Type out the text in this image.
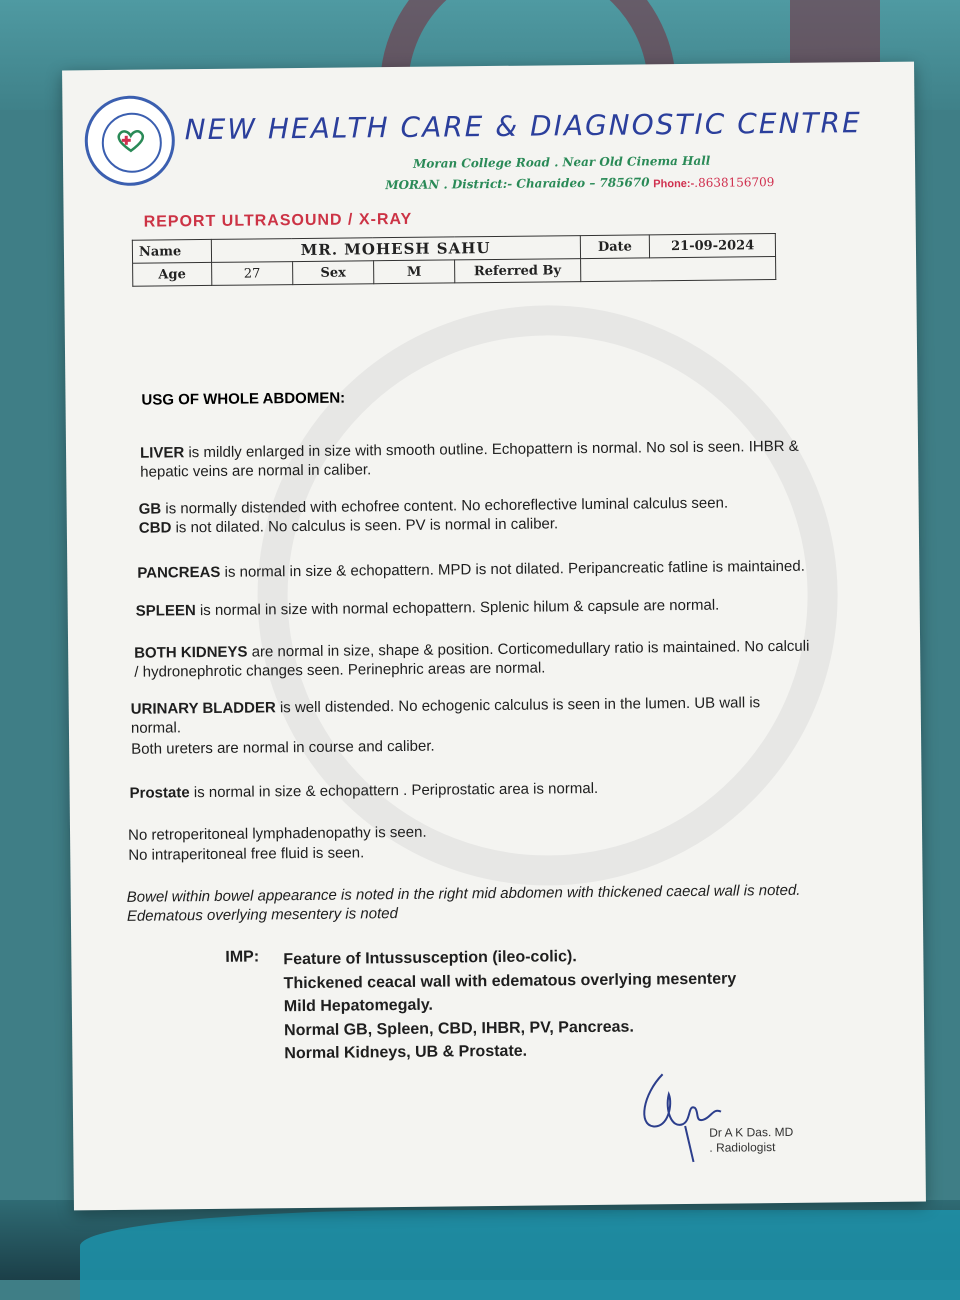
NEW HEALTH CARE & DIAGNOSTIC CENTRE
Moran College Road . Near Old Cinema Hall
MORAN . District:- Charaideo – 785670 Phone:-.8638156709
REPORT ULTRASOUND / X-RAY
Name	MR. MOHESH SAHU				Date	21-09-2024
Age	27	Sex	M	Referred By		
USG OF WHOLE ABDOMEN:
LIVER is mildly enlarged in size with smooth outline. Echopattern is normal. No sol is seen. IHBR & hepatic veins are normal in caliber.
GB is normally distended with echofree content. No echoreflective luminal calculus seen.
CBD is not dilated. No calculus is seen. PV is normal in caliber.
PANCREAS is normal in size & echopattern. MPD is not dilated. Peripancreatic fatline is maintained.
SPLEEN is normal in size with normal echopattern. Splenic hilum & capsule are normal.
BOTH KIDNEYS are normal in size, shape & position. Corticomedullary ratio is maintained. No calculi / hydronephrotic changes seen. Perinephric areas are normal.
URINARY BLADDER is well distended. No echogenic calculus is seen in the lumen. UB wall is normal.
Both ureters are normal in course and caliber.
Prostate is normal in size & echopattern . Periprostatic area is normal.
No retroperitoneal lymphadenopathy is seen.
No intraperitoneal free fluid is seen.
Bowel within bowel appearance is noted in the right mid abdomen with thickened caecal wall is noted. Edematous overlying mesentery is noted
IMP: Feature of Intussusception (ileo-colic).
Thickened ceacal wall with edematous overlying mesentery
Mild Hepatomegaly.
Normal GB, Spleen, CBD, IHBR, PV, Pancreas.
Normal Kidneys, UB & Prostate.
Dr A K Das. MD
. Radiologist
